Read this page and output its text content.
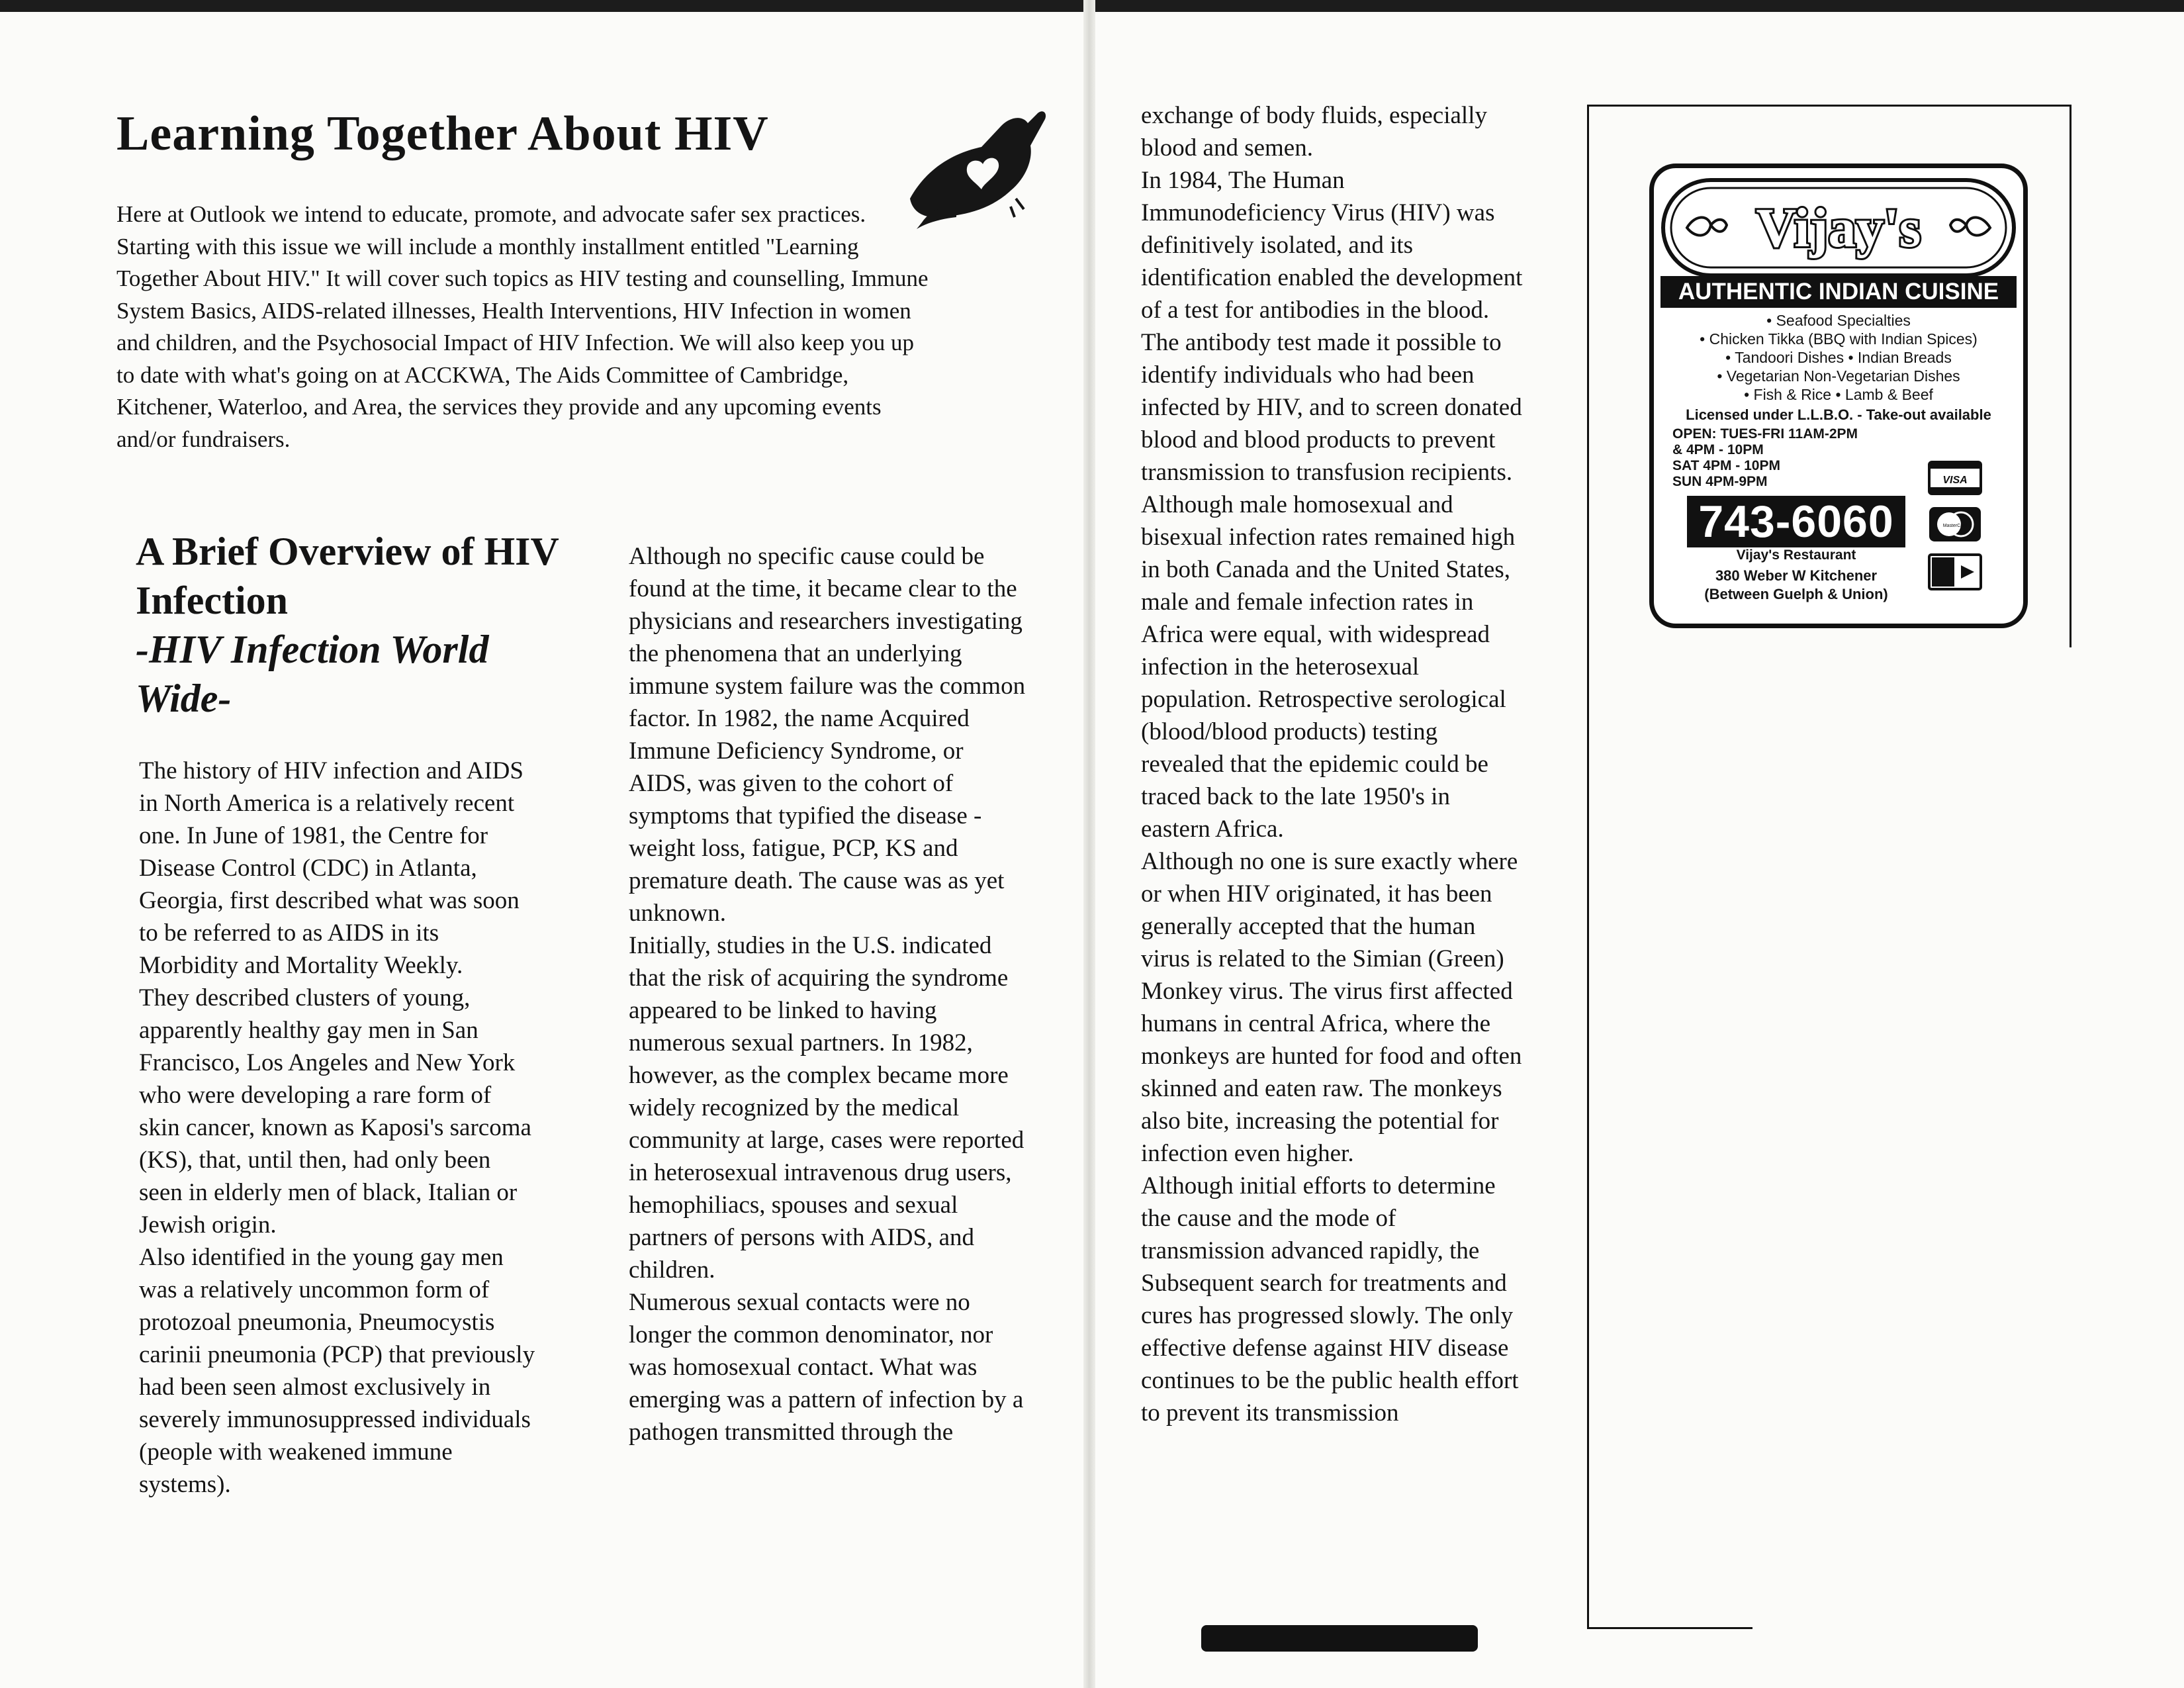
Learning Together About HIV

Here at Outlook we intend to educate, promote, and advocate safer sex practices. Starting with this issue we will include a monthly installment entitled "Learning Together About HIV." It will cover such topics as HIV testing and counselling, Immune System Basics, AIDS-related illnesses, Health Interventions, HIV Infection in women and children, and the Psychosocial Impact of HIV Infection. We will also keep you up to date with what's going on at ACCKWA, The Aids Committee of Cambridge, Kitchener, Waterloo, and Area, the services they provide and any upcoming events and/or fundraisers.

A Brief Overview of HIV Infection
-HIV Infection World Wide-

The history of HIV infection and AIDS in North America is a relatively recent one. In June of 1981, the Centre for Disease Control (CDC) in Atlanta, Georgia, first described what was soon to be referred to as AIDS in its Morbidity and Mortality Weekly.

They described clusters of young, apparently healthy gay men in San Francisco, Los Angeles and New York who were developing a rare form of skin cancer, known as Kaposi's sarcoma (KS), that, until then, had only been seen in elderly men of black, Italian or Jewish origin.

Also identified in the young gay men was a relatively uncommon form of protozoal pneumonia, Pneumocystis carinii pneumonia (PCP) that previously had been seen almost exclusively in severely immunosuppressed individuals (people with weakened immune systems).

Although no specific cause could be found at the time, it became clear to the physicians and researchers investigating the phenomena that an underlying immune system failure was the common factor. In 1982, the name Acquired Immune Deficiency Syndrome, or AIDS, was given to the cohort of symptoms that typified the disease - weight loss, fatigue, PCP, KS and premature death. The cause was as yet unknown.

Initially, studies in the U.S. indicated that the risk of acquiring the syndrome appeared to be linked to having numerous sexual partners. In 1982, however, as the complex became more widely recognized by the medical community at large, cases were reported in heterosexual intravenous drug users, hemophiliacs, spouses and sexual partners of persons with AIDS, and children.

Numerous sexual contacts were no longer the common denominator, nor was homosexual contact. What was emerging was a pattern of infection by a pathogen transmitted through the

exchange of body fluids, especially blood and semen.

In 1984, The Human Immunodeficiency Virus (HIV) was definitively isolated, and its identification enabled the development of a test for antibodies in the blood. The antibody test made it possible to identify individuals who had been infected by HIV, and to screen donated blood and blood products to prevent transmission to transfusion recipients.

Although male homosexual and bisexual infection rates remained high in both Canada and the United States, male and female infection rates in Africa were equal, with widespread infection in the heterosexual population. Retrospective serological (blood/blood products) testing revealed that the epidemic could be traced back to the late 1950's in eastern Africa.

Although no one is sure exactly where or when HIV originated, it has been generally accepted that the human virus is related to the Simian (Green) Monkey virus. The virus first affected humans in central Africa, where the monkeys are hunted for food and often skinned and eaten raw. The monkeys also bite, increasing the potential for infection even higher.

Although initial efforts to determine the cause and the mode of transmission advanced rapidly, the Subsequent search for treatments and cures has progressed slowly. The only effective defense against HIV disease continues to be the public health effort to prevent its transmission

Vijay's
AUTHENTIC INDIAN CUISINE
• Seafood Specialties
• Chicken Tikka (BBQ with Indian Spices)
• Tandoori Dishes • Indian Breads
• Vegetarian Non-Vegetarian Dishes
• Fish & Rice • Lamb & Beef
Licensed under L.L.B.O. - Take-out available
OPEN: TUES-FRI 11AM-2PM
& 4PM - 10PM
SAT 4PM - 10PM
SUN 4PM-9PM
743-6060
Vijay's Restaurant
380 Weber W Kitchener
(Between Guelph & Union)
VISA
MasterCard
